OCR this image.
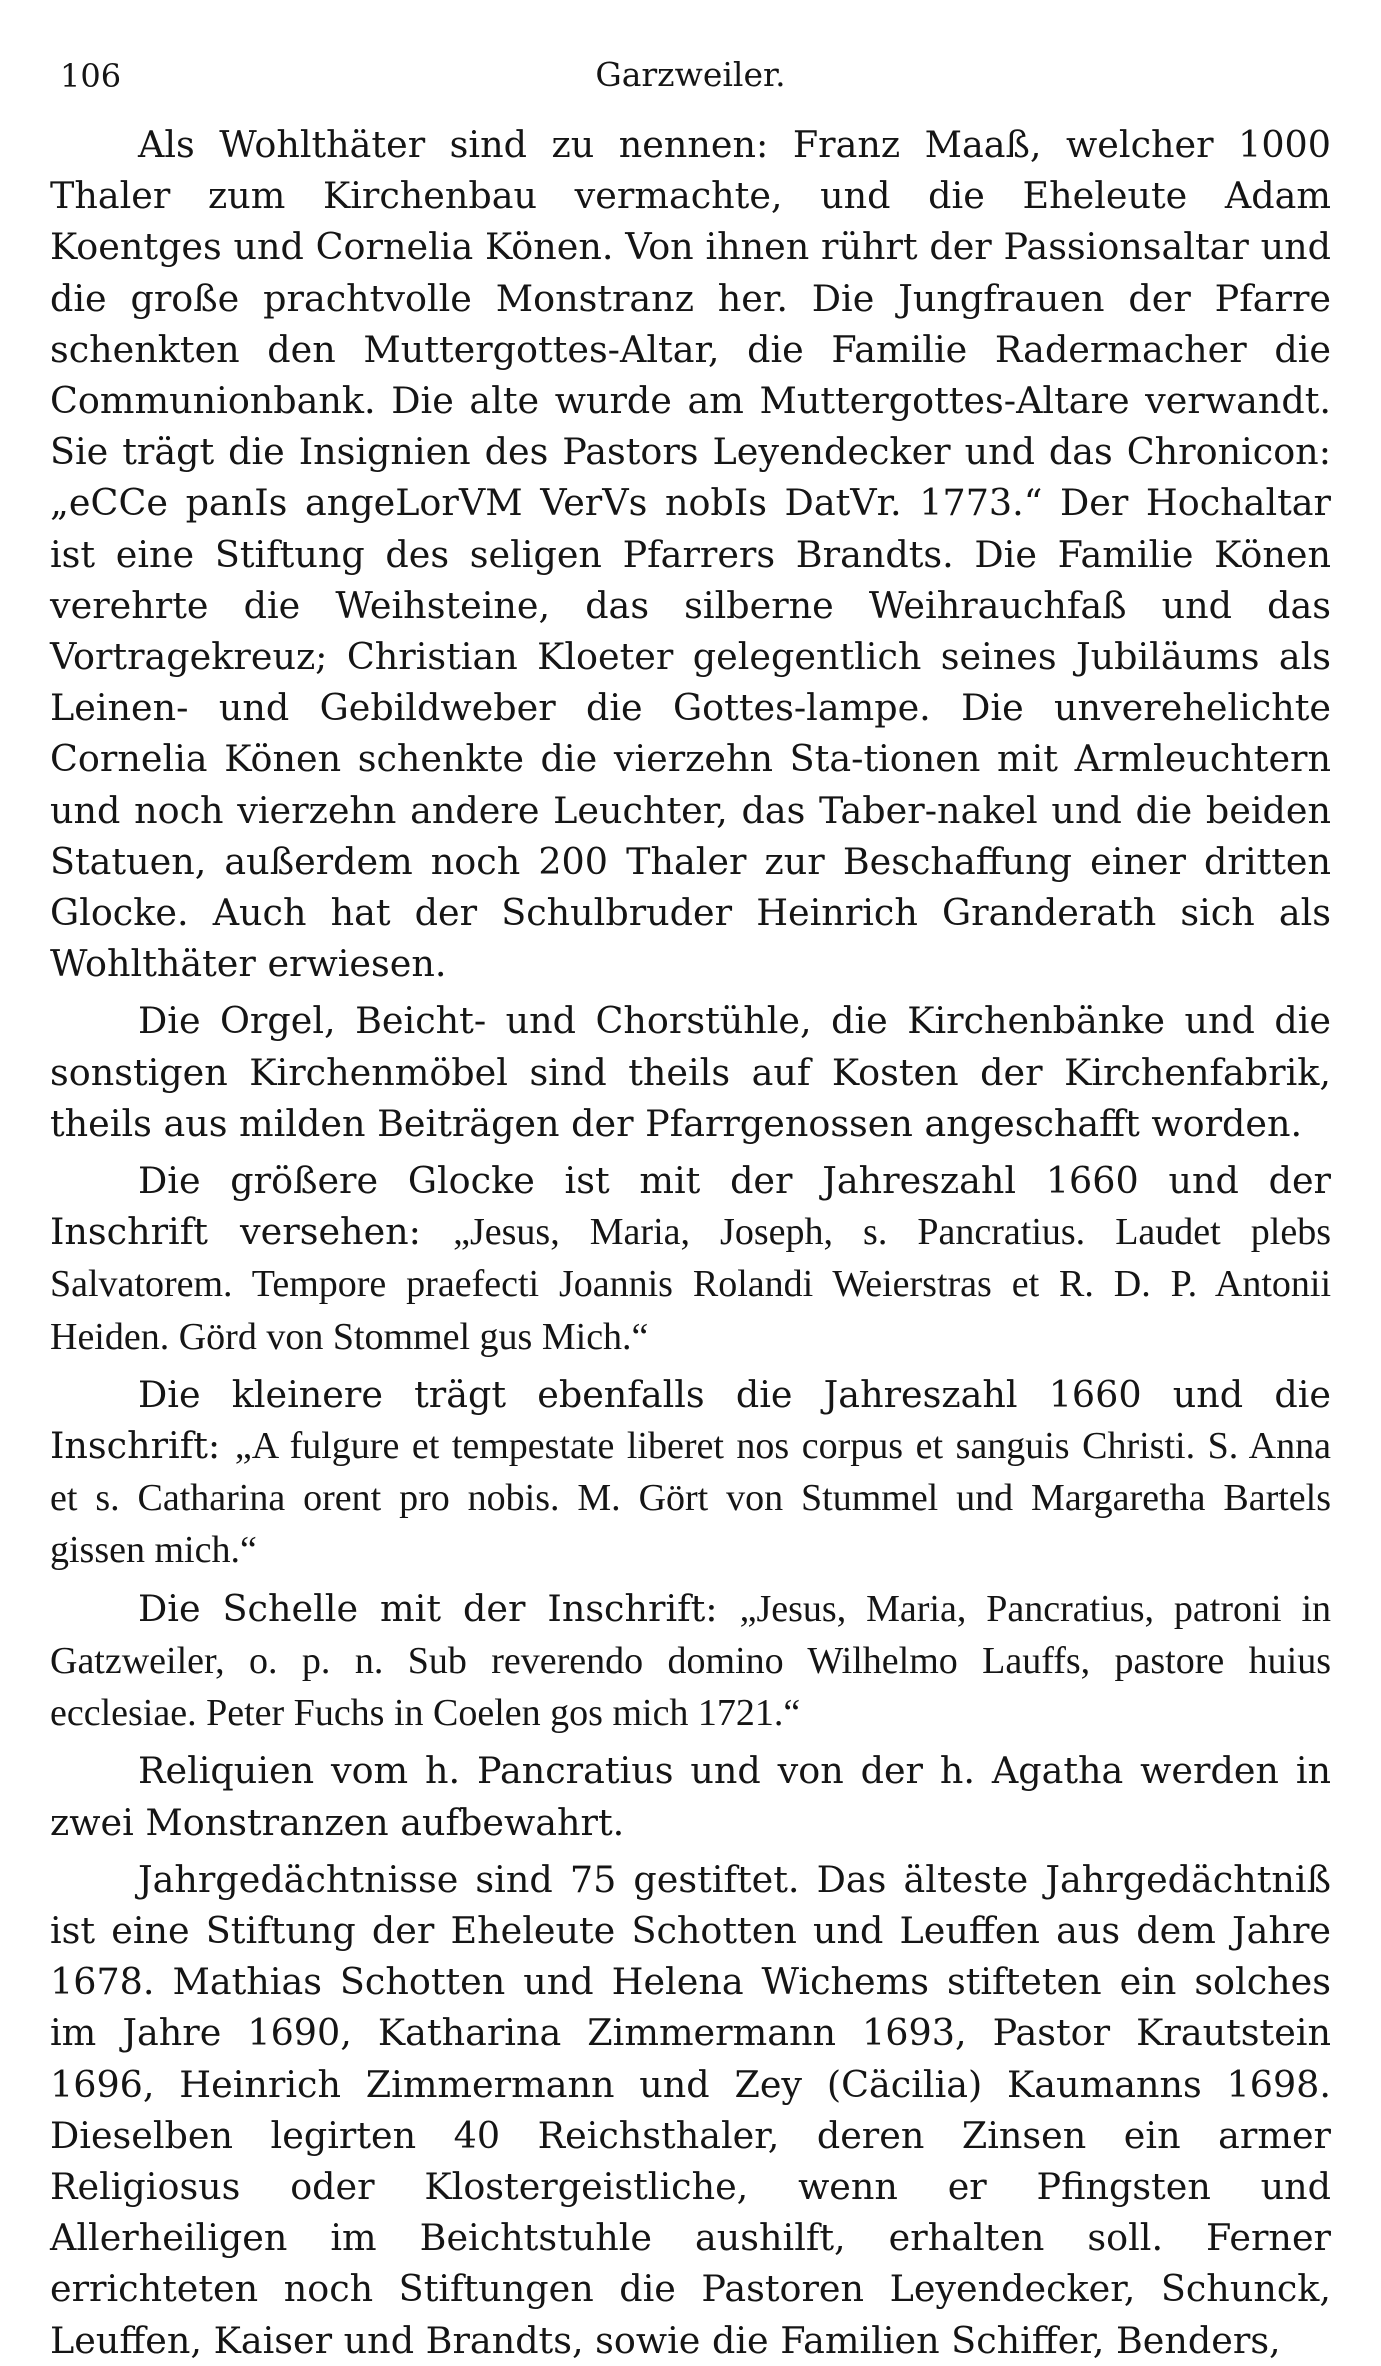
106	Garzweiler.

Als Wohlthäter sind zu nennen: Franz Maaß, welcher 1000 Thaler zum Kirchenbau vermachte, und die Eheleute Adam Koentges und Cornelia Könen. Von ihnen rührt der Passionsaltar und die große prachtvolle Monstranz her. Die Jungfrauen der Pfarre schenkten den Muttergottes-Altar, die Familie Radermacher die Communionbank. Die alte wurde am Muttergottes-Altare verwandt. Sie trägt die Insignien des Pastors Leyendecker und das Chronicon: „eCCe panIs angeLorVM VerVs nobIs DatVr. 1773.“ Der Hochaltar ist eine Stiftung des seligen Pfarrers Brandts. Die Familie Könen verehrte die Weihsteine, das silberne Weihrauchfaß und das Vortragekreuz; Christian Kloeter gelegentlich seines Jubiläums als Leinen- und Gebildweber die Gottes-lampe. Die unverehelichte Cornelia Könen schenkte die vierzehn Sta-tionen mit Armleuchtern und noch vierzehn andere Leuchter, das Taber-nakel und die beiden Statuen, außerdem noch 200 Thaler zur Beschaffung einer dritten Glocke. Auch hat der Schulbruder Heinrich Granderath sich als Wohlthäter erwiesen.

Die Orgel, Beicht- und Chorstühle, die Kirchenbänke und die sonstigen Kirchenmöbel sind theils auf Kosten der Kirchenfabrik, theils aus milden Beiträgen der Pfarrgenossen angeschafft worden.

Die größere Glocke ist mit der Jahreszahl 1660 und der Inschrift versehen: „Jesus, Maria, Joseph, s. Pancratius. Laudet plebs Salvatorem. Tempore praefecti Joannis Rolandi Weierstras et R. D. P. Antonii Heiden. Görd von Stommel gus Mich.“

Die kleinere trägt ebenfalls die Jahreszahl 1660 und die Inschrift: „A fulgure et tempestate liberet nos corpus et sanguis Christi. S. Anna et s. Catharina orent pro nobis. M. Gört von Stummel und Margaretha Bartels gissen mich.“

Die Schelle mit der Inschrift: „Jesus, Maria, Pancratius, patroni in Gatzweiler, o. p. n. Sub reverendo domino Wilhelmo Lauffs, pastore huius ecclesiae. Peter Fuchs in Coelen gos mich 1721.“

Reliquien vom h. Pancratius und von der h. Agatha werden in zwei Monstranzen aufbewahrt.

Jahrgedächtnisse sind 75 gestiftet. Das älteste Jahrgedächtniß ist eine Stiftung der Eheleute Schotten und Leuffen aus dem Jahre 1678. Mathias Schotten und Helena Wichems stifteten ein solches im Jahre 1690, Katharina Zimmermann 1693, Pastor Krautstein 1696, Heinrich Zimmermann und Zey (Cäcilia) Kaumanns 1698. Dieselben legirten 40 Reichsthaler, deren Zinsen ein armer Religiosus oder Klostergeistliche, wenn er Pfingsten und Allerheiligen im Beichtstuhle aushilft, erhalten soll. Ferner errichteten noch Stiftungen die Pastoren Leyendecker, Schunck, Leuffen, Kaiser und Brandts, sowie die Familien Schiffer, Benders,
